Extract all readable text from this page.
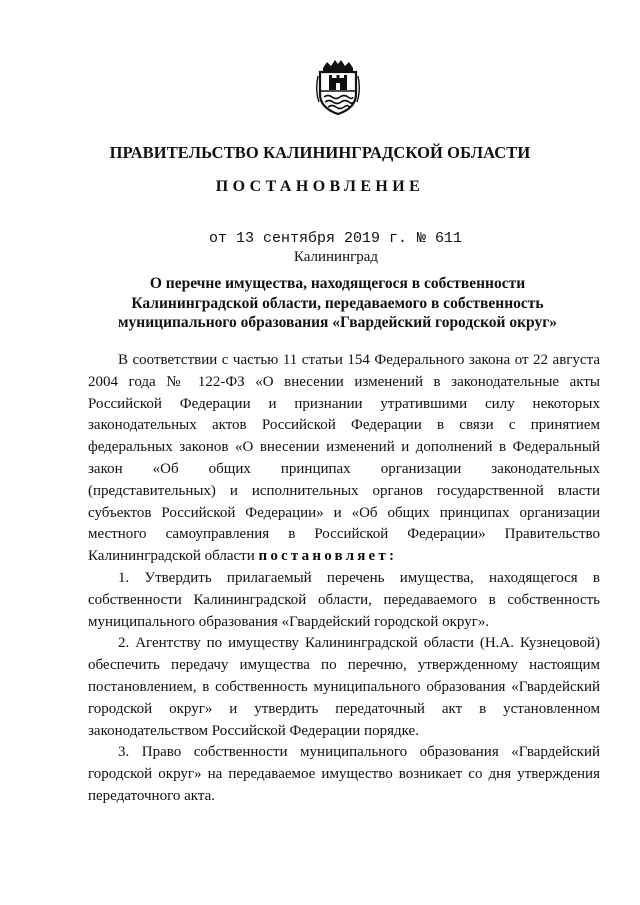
ПРАВИТЕЛЬСТВО КАЛИНИНГРАДСКОЙ ОБЛАСТИ
ПОСТАНОВЛЕНИЕ
от 13 сентября 2019 г. № 611
Калининград
О перечне имущества, находящегося в собственности
Калининградской области, передаваемого в собственность
муниципального образования «Гвардейский городской округ»

В соответствии с частью 11 статьи 154 Федерального закона от 22 августа 2004 года № 122-ФЗ «О внесении изменений в законодательные акты Российской Федерации и признании утратившими силу некоторых законодательных актов Российской Федерации в связи с принятием федеральных законов «О внесении изменений и дополнений в Федеральный закон «Об общих принципах организации законодательных (представительных) и исполнительных органов государственной власти субъектов Российской Федерации» и «Об общих принципах организации местного самоуправления в Российской Федерации» Правительство Калининградской области постановляет:

1. Утвердить прилагаемый перечень имущества, находящегося в собственности Калининградской области, передаваемого в собственность муниципального образования «Гвардейский городской округ».

2. Агентству по имуществу Калининградской области (Н.А. Кузнецовой) обеспечить передачу имущества по перечню, утвержденному настоящим постановлением, в собственность муниципального образования «Гвардейский городской округ» и утвердить передаточный акт в установленном законодательством Российской Федерации порядке.

3. Право собственности муниципального образования «Гвардейский городской округ» на передаваемое имущество возникает со дня утверждения передаточного акта.
